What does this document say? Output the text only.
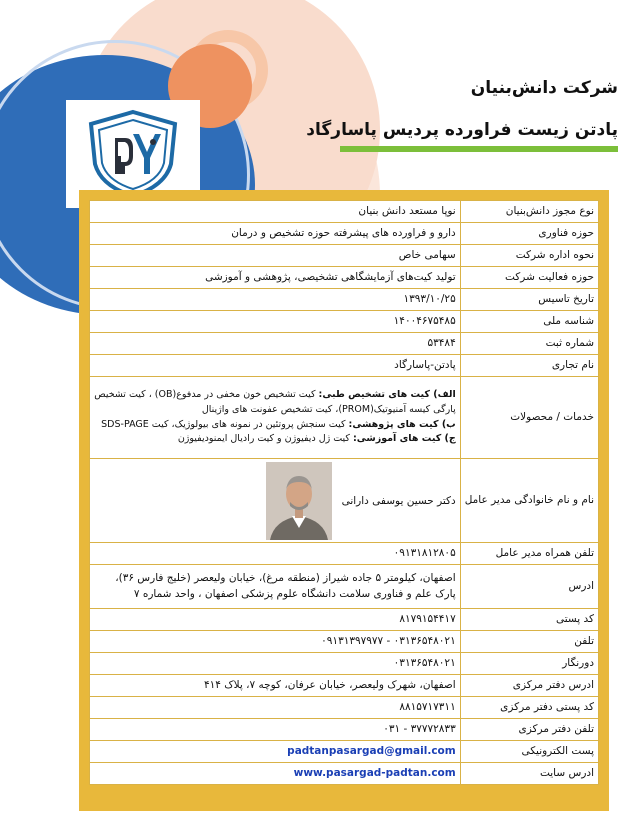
شرکت دانش‌بنیان
پادتن زیست فراورده پردیس پاسارگاد
نوع مجوز دانش‌بنیان	نوپا مستعد دانش بنیان
حوزه فناوری	دارو و فراورده های پیشرفته حوزه تشخیص و درمان
نحوه اداره شرکت	سهامی خاص
حوزه فعالیت شرکت	تولید کیت‌های آزمایشگاهی تشخیصی، پژوهشی و آموزشی
تاریخ تاسیس	۱۳۹۳/۱۰/۲۵
شناسه ملی	۱۴۰۰۴۶۷۵۴۸۵
شماره ثبت	۵۳۴۸۴
نام تجاری	پادتن-پاسارگاد
خدمات / محصولات	الف) کیت های تشخیص طبی: کیت تشخیص خون مخفی در مدفوع(OB) ، کیت تشخیص پارگی کیسه آمنیوتیک(PROM)، کیت تشخیص عفونت های واژینال
ب) کیت های پژوهشی: کیت سنجش پروتئین در نمونه های بیولوژیک، کیت SDS-PAGE
ج) کیت های آموزشی: کیت ژل دیفیوژن و کیت رادیال ایمنودیفیوژن

نام و نام خانوادگی مدیر عامل	دکتر حسین یوسفی دارانی
تلفن همراه مدیر عامل	۰۹۱۳۱۸۱۲۸۰۵
ادرس	اصفهان، کیلومتر ۵ جاده شیراز (منطقه مرغ)، خیابان ولیعصر (خلیج فارس ۳۶)، پارک علم و فناوری سلامت دانشگاه علوم پزشکی اصفهان ، واحد شماره ۷
کد پستی	۸۱۷۹۱۵۴۴۱۷
تلفن	۰۳۱۳۶۵۴۸۰۲۱ - ۰۹۱۳۱۳۹۷۹۷۷
دورنگار	۰۳۱۳۶۵۴۸۰۲۱
ادرس دفتر مرکزی	اصفهان، شهرک ولیعصر، خیابان عرفان، کوچه ۷، پلاک ۴۱۴
کد پستی دفتر مرکزی	۸۸۱۵۷۱۷۳۱۱
تلفن دفتر مرکزی	۳۷۷۷۲۸۳۳ - ۰۳۱
پست الکترونیکی	padtanpasargad@gmail.com
ادرس سایت	www.pasargad-padtan.com
